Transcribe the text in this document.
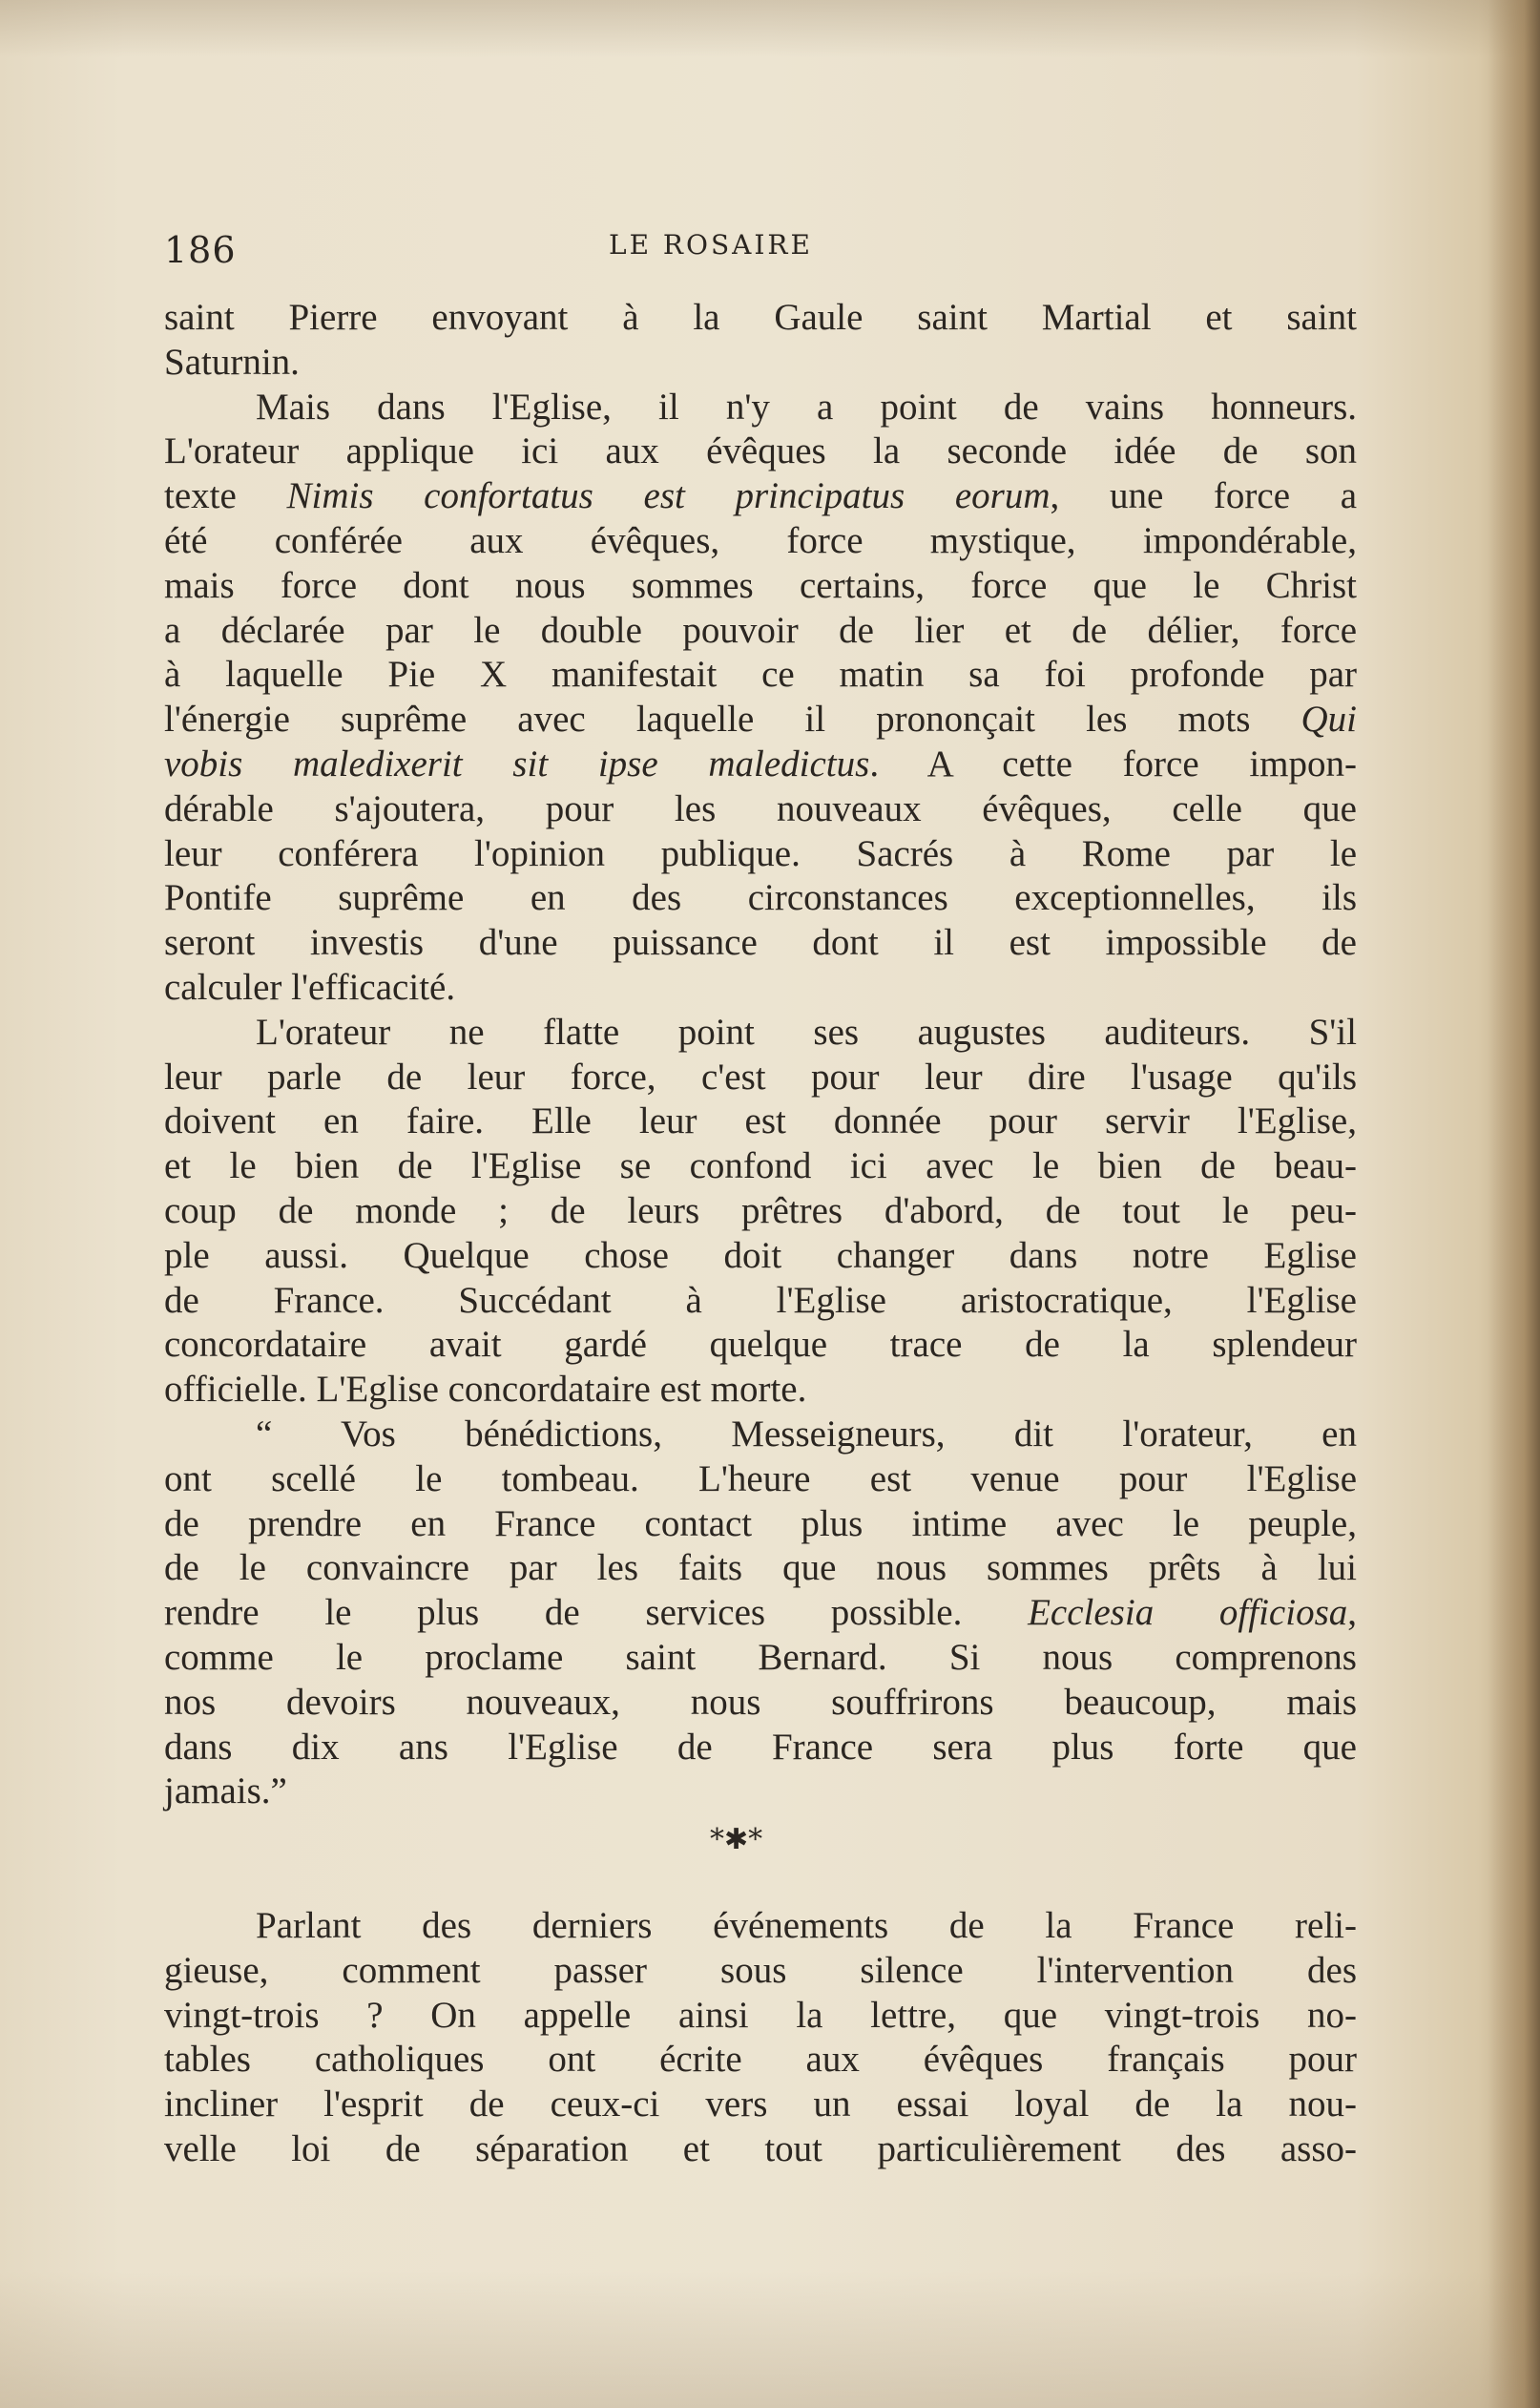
186	LE ROSAIRE
saint Pierre envoyant à la Gaule saint Martial et saint
Saturnin.
Mais dans l'Eglise, il n'y a point de vains honneurs.
L'orateur applique ici aux évêques la seconde idée de son
texte Nimis confortatus est principatus eorum, une force a
été conférée aux évêques, force mystique, impondérable,
mais force dont nous sommes certains, force que le Christ
a déclarée par le double pouvoir de lier et de délier, force
à laquelle Pie X manifestait ce matin sa foi profonde par
l'énergie suprême avec laquelle il prononçait les mots Qui
vobis maledixerit sit ipse maledictus. A cette force impon-
dérable s'ajoutera, pour les nouveaux évêques, celle que
leur conférera l'opinion publique. Sacrés à Rome par le
Pontife suprême en des circonstances exceptionnelles, ils
seront investis d'une puissance dont il est impossible de
calculer l'efficacité.
L'orateur ne flatte point ses augustes auditeurs. S'il
leur parle de leur force, c'est pour leur dire l'usage qu'ils
doivent en faire. Elle leur est donnée pour servir l'Eglise,
et le bien de l'Eglise se confond ici avec le bien de beau-
coup de monde ; de leurs prêtres d'abord, de tout le peu-
ple aussi. Quelque chose doit changer dans notre Eglise
de France. Succédant à l'Eglise aristocratique, l'Eglise
concordataire avait gardé quelque trace de la splendeur
officielle. L'Eglise concordataire est morte.
“ Vos bénédictions, Messeigneurs, dit l'orateur, en
ont scellé le tombeau. L'heure est venue pour l'Eglise
de prendre en France contact plus intime avec le peuple,
de le convaincre par les faits que nous sommes prêts à lui
rendre le plus de services possible. Ecclesia officiosa,
comme le proclame saint Bernard. Si nous comprenons
nos devoirs nouveaux, nous souffrirons beaucoup, mais
dans dix ans l'Eglise de France sera plus forte que
jamais.”
*✱*
Parlant des derniers événements de la France reli-
gieuse, comment passer sous silence l'intervention des
vingt-trois ? On appelle ainsi la lettre, que vingt-trois no-
tables catholiques ont écrite aux évêques français pour
incliner l'esprit de ceux-ci vers un essai loyal de la nou-
velle loi de séparation et tout particulièrement des asso-
